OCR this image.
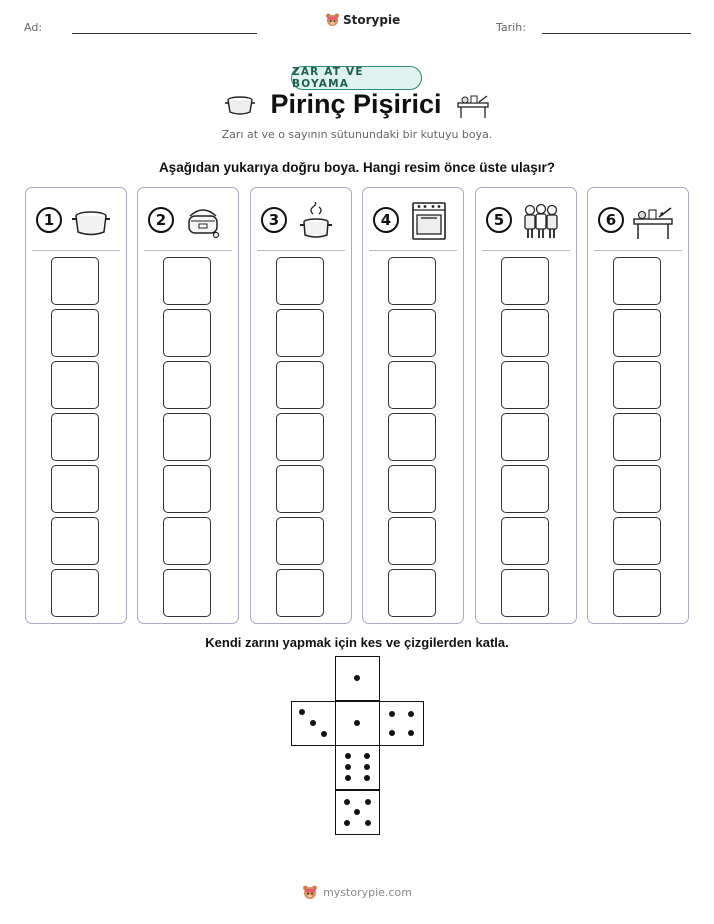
Ad:
Storypie
Tarih:
ZAR AT VE BOYAMA
Pirinç Pişirici
Zarı at ve o sayının sütunundaki bir kutuyu boya.
Aşağıdan yukarıya doğru boya. Hangi resim önce üste ulaşır?
1	2	3	4	5	6
Kendi zarını yapmak için kes ve çizgilerden katla.
mystorypie.com
